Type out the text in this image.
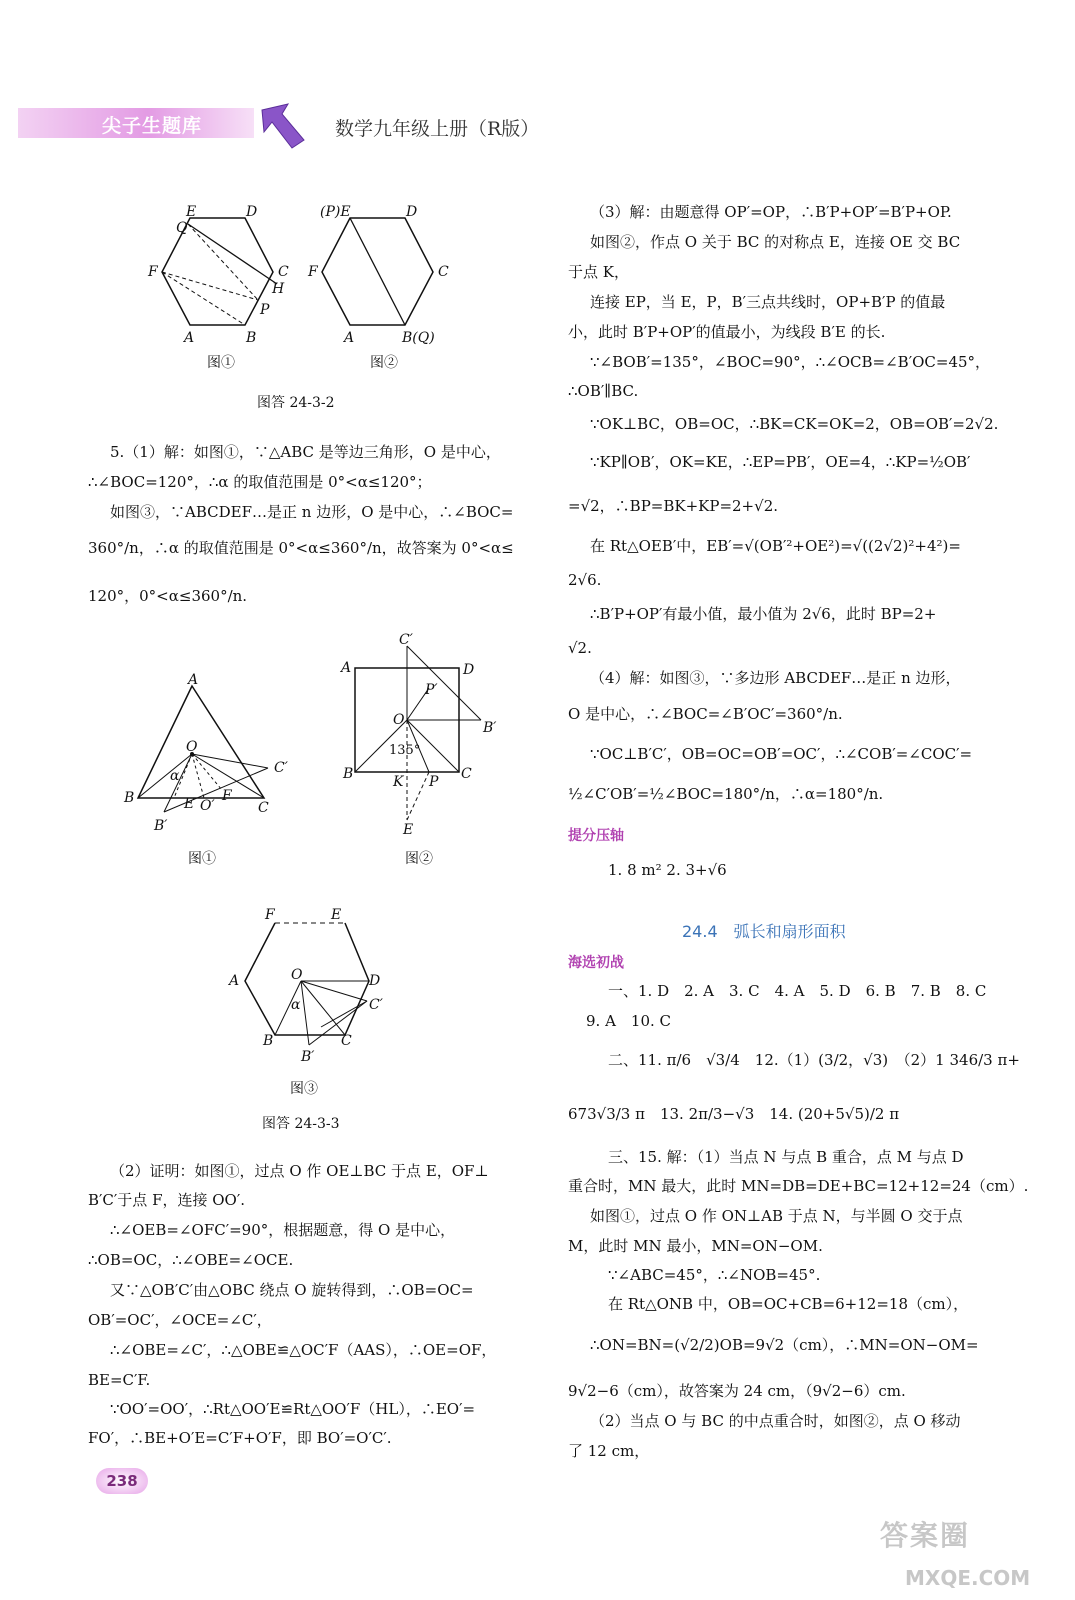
尖子生题库	数学九年级上册（R版）
E	D
Q
F	C
H
P
A	B
(P)E	D
F	C
A	B(Q)
图①	图②
图答 24-3-2
5.（1）解：如图①，∵△ABC 是等边三角形，O 是中心，
∴∠BOC=120°，∴α 的取值范围是 0°<α≤120°；
如图③，∵ABCDEF…是正 n 边形，O 是中心，∴∠BOC=
360°/n，∴α 的取值范围是 0°<α≤360°/n，故答案为 0°<α≤
120°，0°<α≤360°/n.
A
O
C′
α
B	E O′
F
C
B′
图①
C′
A	D
P′
O	B′
135°
B	K P C
E
图②
F	E
A	O	D
C′
α
B
B′
C
图③
图答 24-3-3
（2）证明：如图①，过点 O 作 OE⊥BC 于点 E，OF⊥
B′C′于点 F，连接 OO′.
∴∠OEB=∠OFC′=90°，根据题意，得 O 是中心，
∴OB=OC，∴∠OBE=∠OCE.
又∵△OB′C′由△OBC 绕点 O 旋转得到，∴OB=OC=
OB′=OC′，∠OCE=∠C′，
∴∠OBE=∠C′，∴△OBE≌△OC′F（AAS），∴OE=OF，
BE=C′F.
∵OO′=OO′，∴Rt△OO′E≌Rt△OO′F（HL），∴EO′=
FO′，∴BE+O′E=C′F+O′F，即 BO′=O′C′.
（3）解：由题意得 OP′=OP，∴B′P+OP′=B′P+OP.
如图②，作点 O 关于 BC 的对称点 E，连接 OE 交 BC
于点 K，
连接 EP，当 E，P，B′三点共线时，OP+B′P 的值最
小，此时 B′P+OP′的值最小，为线段 B′E 的长.
∵∠BOB′=135°，∠BOC=90°，∴∠OCB=∠B′OC=45°，
∴OB′∥BC.
∵OK⊥BC，OB=OC，∴BK=CK=OK=2，OB=OB′=2√2.
∵KP∥OB′，OK=KE，∴EP=PB′，OE=4，∴KP=½OB′
=√2，∴BP=BK+KP=2+√2.
在 Rt△OEB′中，EB′=√(OB′²+OE²)=√((2√2)²+4²)=
2√6.
∴B′P+OP′有最小值，最小值为 2√6，此时 BP=2+
√2.
（4）解：如图③，∵多边形 ABCDEF…是正 n 边形，
O 是中心，∴∠BOC=∠B′OC′=360°/n.
∵OC⊥B′C′，OB=OC=OB′=OC′，∴∠COB′=∠COC′=
½∠C′OB′=½∠BOC=180°/n，∴α=180°/n.
提分压轴
1. 8 m² 2. 3+√6
24.4　弧长和扇形面积
海选初战
一、1. D　2. A　3. C　4. A　5. D　6. B　7. B　8. C
9. A　10. C
二、11. π/6　√3/4　12.（1）(3/2，√3)　（2）1 346/3 π+
673√3/3 π　13. 2π/3−√3　14. (20+5√5)/2 π
三、15. 解：（1）当点 N 与点 B 重合，点 M 与点 D
重合时，MN 最大，此时 MN=DB=DE+BC=12+12=24（cm）.
如图①，过点 O 作 ON⊥AB 于点 N，与半圆 O 交于点
M，此时 MN 最小，MN=ON−OM.
∵∠ABC=45°，∴∠NOB=45°.
在 Rt△ONB 中，OB=OC+CB=6+12=18（cm），
∴ON=BN=(√2/2)OB=9√2（cm），∴MN=ON−OM=
9√2−6（cm），故答案为 24 cm，（9√2−6）cm.
（2）当点 O 与 BC 的中点重合时，如图②，点 O 移动
了 12 cm，
238
答案圈
MXQE.COM
